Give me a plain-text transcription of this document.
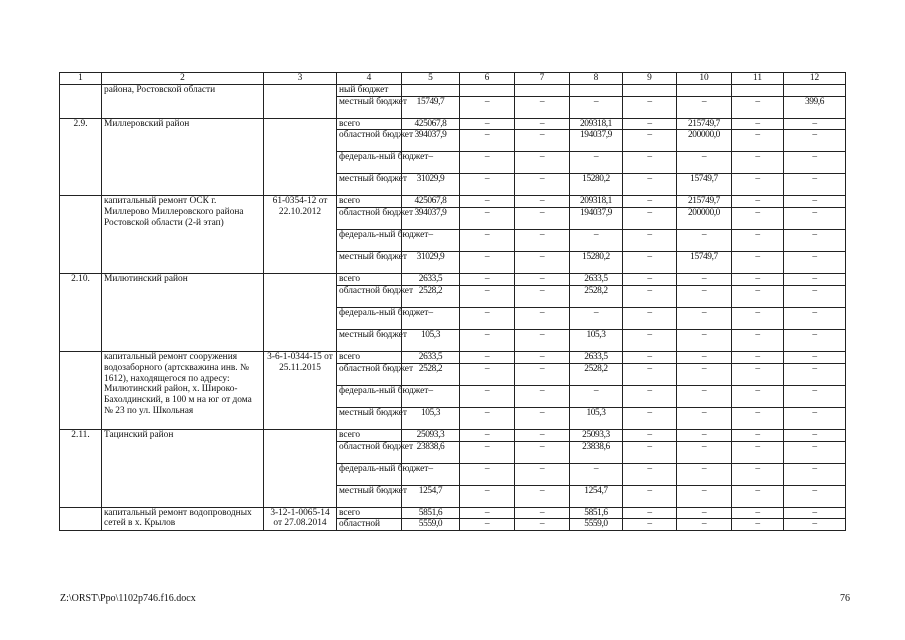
1	2	3	4	5	6	7	8	9	10	11	12
	района, Ростовской области		ный бюджет								
			местный бюджет	15749,7	–	–	–	–	–	–	399,6
2.9.	Миллеровский район		всего	425067,8	–	–	209318,1	–	215749,7	–	–
			областной бюджет	394037,9	–	–	194037,9	–	200000,0	–	–
			федераль-ный бюджет	–	–	–	–	–	–	–	–
			местный бюджет	31029,9	–	–	15280,2	–	15749,7	–	–
	капитальный ремонт ОСК г. Миллерово Миллеровского района Ростовской области (2-й этап)	61-0354-12 от 22.10.2012	всего	425067,8	–	–	209318,1	–	215749,7	–	–
			областной бюджет	394037,9	–	–	194037,9	–	200000,0	–	–
			федераль-ный бюджет	–	–	–	–	–	–	–	–
			местный бюджет	31029,9	–	–	15280,2	–	15749,7	–	–
2.10.	Милютинский район		всего	2633,5	–	–	2633,5	–	–	–	–
			областной бюджет	2528,2	–	–	2528,2	–	–	–	–
			федераль-ный бюджет	–	–	–	–	–	–	–	–
			местный бюджет	105,3	–	–	105,3	–	–	–	–
	капитальный ремонт сооружения водозаборного (артскважина инв. № 1612), находящегося по адресу: Милютинский район, х. Широко-Бахолдинский, в 100 м на юг от дома № 23 по ул. Школьная	3-6-1-0344-15 от 25.11.2015	всего	2633,5	–	–	2633,5	–	–	–	–
			областной бюджет	2528,2	–	–	2528,2	–	–	–	–
			федераль-ный бюджет	–	–	–	–	–	–	–	–
			местный бюджет	105,3	–	–	105,3	–	–	–	–
2.11.	Тацинский район		всего	25093,3	–	–	25093,3	–	–	–	–
			областной бюджет	23838,6	–	–	23838,6	–	–	–	–
			федераль-ный бюджет	–	–	–	–	–	–	–	–
			местный бюджет	1254,7	–	–	1254,7	–	–	–	–
	капитальный ремонт водопроводных сетей в х. Крылов	3-12-1-0065-14 от 27.08.2014	всего	5851,6	–	–	5851,6	–	–	–	–
			областной	5559,0	–	–	5559,0	–	–	–	–
Z:\ORST\Ppo\1102p746.f16.docx	76
